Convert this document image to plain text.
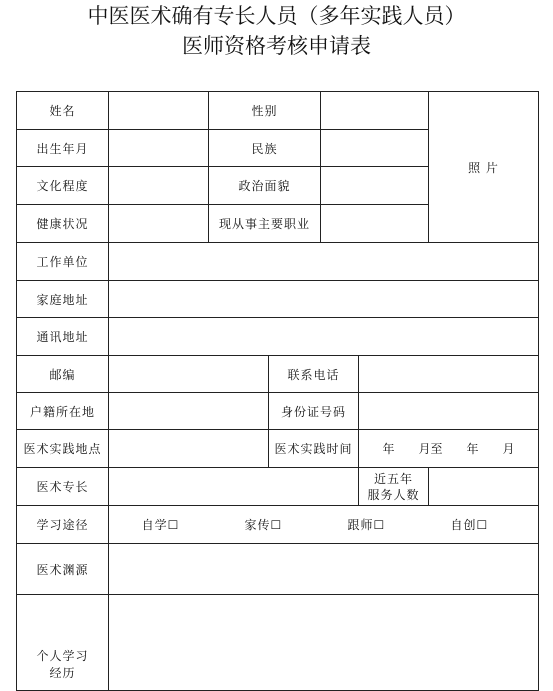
中医医术确有专长人员（多年实践人员）
医师资格考核申请表
姓名		性别				照 片
出生年月		民族				
文化程度		政治面貌				
健康状况		现从事主要职业				
工作单位						
家庭地址						
通讯地址						
邮编			联系电话			
户籍所在地			身份证号码			
医术实践地点			医术实践时间		年　　月至　　年　　月	
医术专长					近五年
服务人数	
学习途径	自学☐ 家传☐ 跟师☐ 自创☐					
医术渊源						
个人学习
经历						
